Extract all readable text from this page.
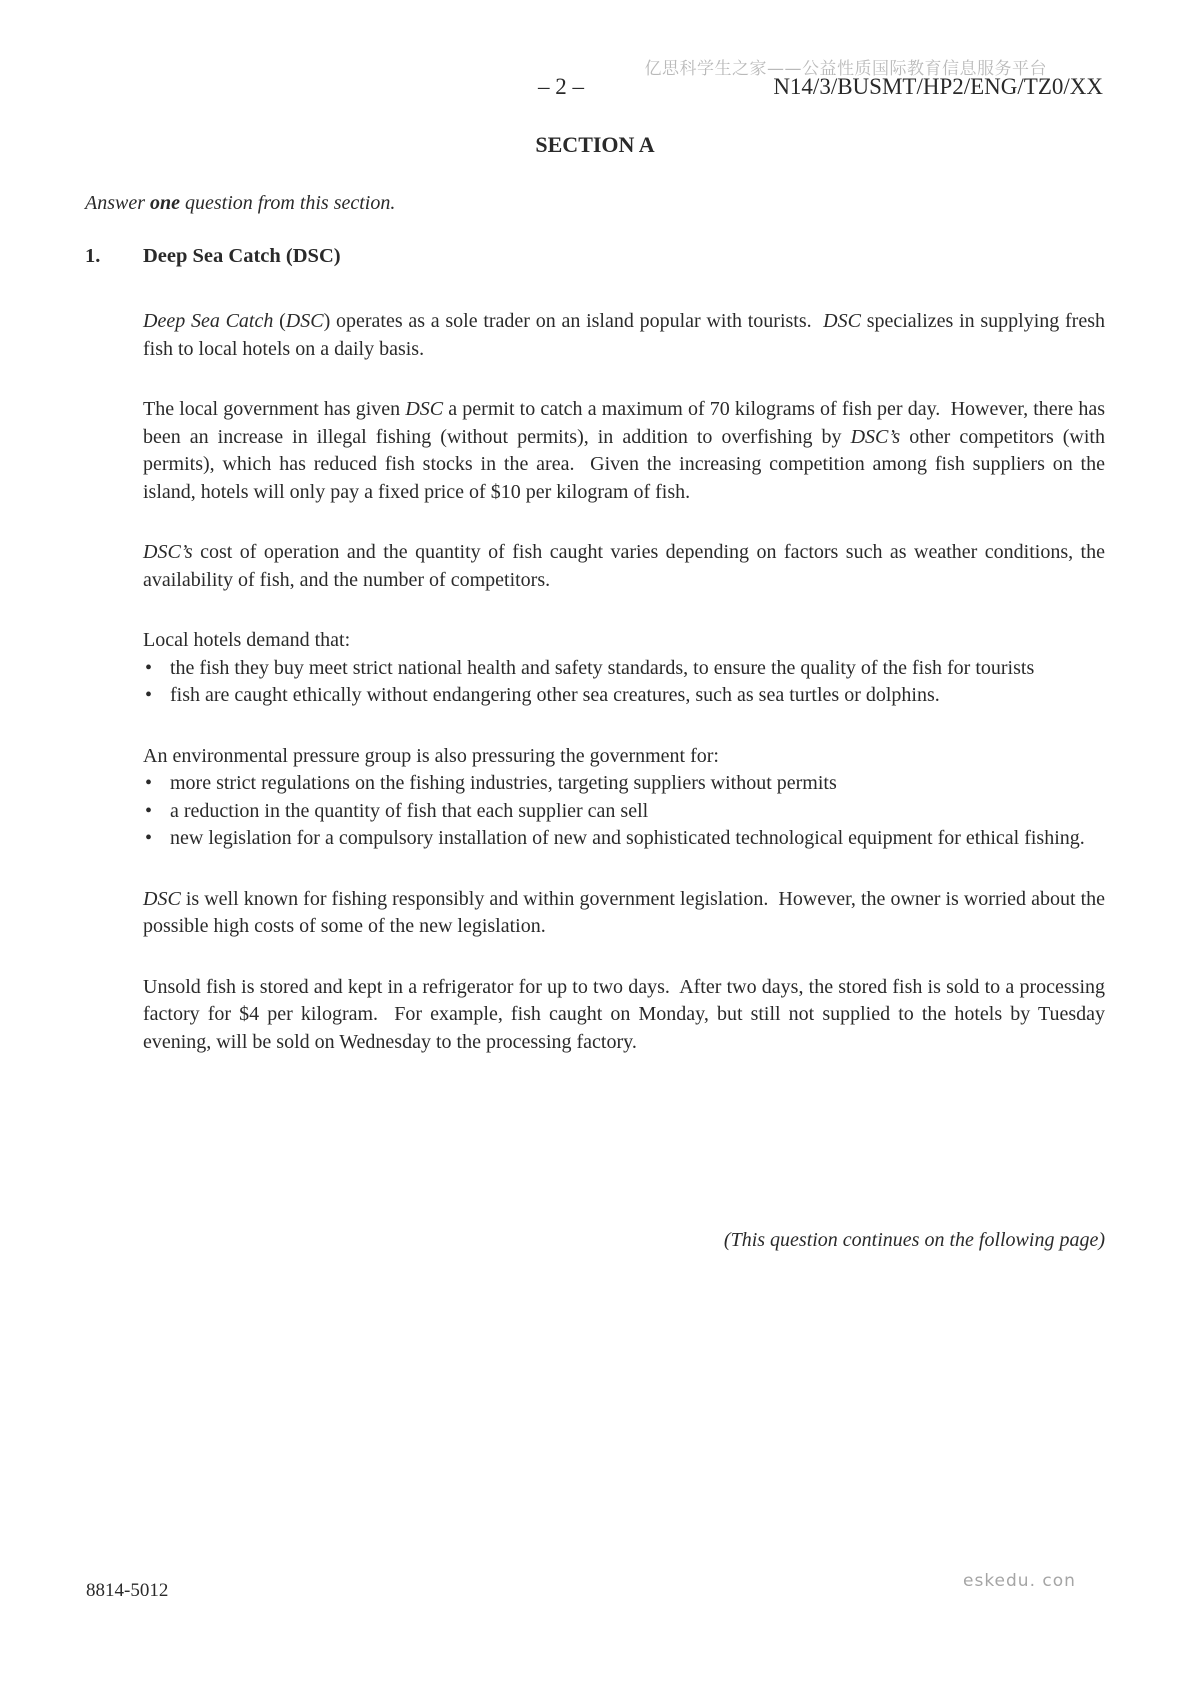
亿思科学生之家——公益性质国际教育信息服务平台
– 2 –	N14/3/BUSMT/HP2/ENG/TZ0/XX
SECTION A
Answer one question from this section.
1. Deep Sea Catch (DSC)
Deep Sea Catch (DSC) operates as a sole trader on an island popular with tourists.  DSC specializes in supplying fresh fish to local hotels on a daily basis.
The local government has given DSC a permit to catch a maximum of 70 kilograms of fish per day.  However, there has been an increase in illegal fishing (without permits), in addition to overfishing by DSC’s other competitors (with permits), which has reduced fish stocks in the area.  Given the increasing competition among fish suppliers on the island, hotels will only pay a fixed price of $10 per kilogram of fish.
DSC’s cost of operation and the quantity of fish caught varies depending on factors such as weather conditions, the availability of fish, and the number of competitors.
Local hotels demand that:
• the fish they buy meet strict national health and safety standards, to ensure the quality of the fish for tourists
• fish are caught ethically without endangering other sea creatures, such as sea turtles or dolphins.
An environmental pressure group is also pressuring the government for:
• more strict regulations on the fishing industries, targeting suppliers without permits
• a reduction in the quantity of fish that each supplier can sell
• new legislation for a compulsory installation of new and sophisticated technological equipment for ethical fishing.
DSC is well known for fishing responsibly and within government legislation.  However, the owner is worried about the possible high costs of some of the new legislation.
Unsold fish is stored and kept in a refrigerator for up to two days.  After two days, the stored fish is sold to a processing factory for $4 per kilogram.  For example, fish caught on Monday, but still not supplied to the hotels by Tuesday evening, will be sold on Wednesday to the processing factory.
(This question continues on the following page)
8814-5012	eskedu. con
